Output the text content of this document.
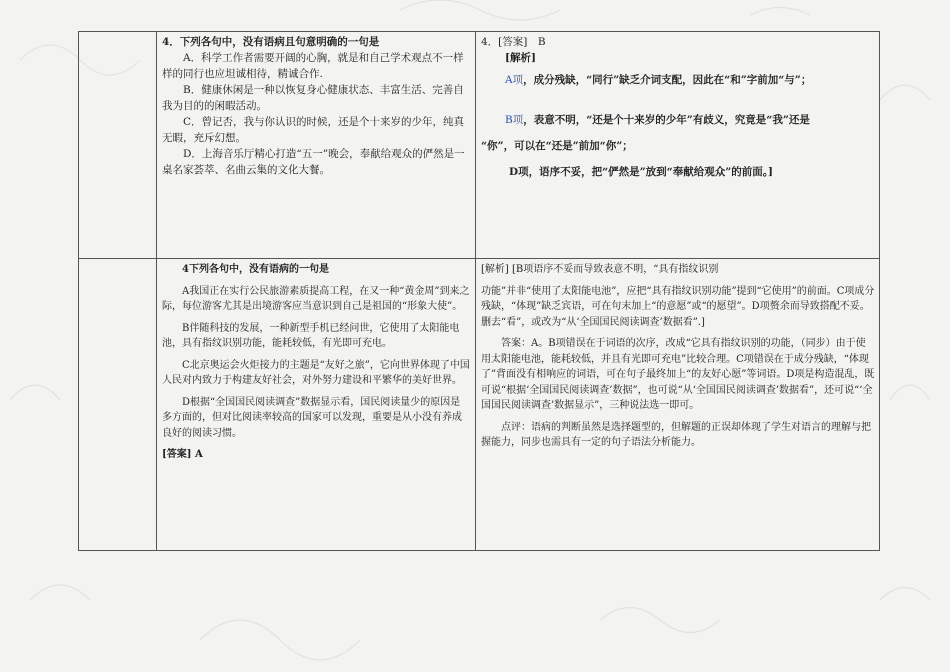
4．下列各句中，没有语病且句意明确的一句是

A．科学工作者需要开阔的心胸，就是和自己学术观点不一样样的同行也应坦诚相待，精诚合作.

B．健康休闲是一种以恢复身心健康状态、丰富生活、完善自我为目的的闲暇活动。

C．曾记否，我与你认识的时候，还是个十来岁的少年，纯真无暇，充斥幻想。

D．上海音乐厅精心打造“五一”晚会，奉献给观众的俨然是一桌名家荟萃、名曲云集的文化大餐。

4．[答案]　B

[解析]

A项，成分残缺，“同行”缺乏介词支配，因此在“和”字前加“与”；

B项，表意不明，“还是个十来岁的少年”有歧义，究竟是“我”还是

“你”，可以在“还是”前加“你”；

D项，语序不妥，把“俨然是”放到“奉献给观众”的前面。]

4下列各句中，没有语病的一句是

A我国正在实行公民旅游素质提高工程，在又一种“黄金周”到来之际，每位游客尤其是出境游客应当意识到自己是祖国的“形象大使”。

B伴随科技的发展，一种新型手机已经问世，它使用了太阳能电池，具有指纹识别功能，能耗较低，有光即可充电。

C北京奥运会火炬接力的主题是“友好之旅”，它向世界体现了中国人民对内致力于构建友好社会，对外努力建设和平繁华的美好世界。

D根据“全国国民阅读调查”数据显示看，国民阅读量少的原因是多方面的，但对比阅读率较高的国家可以发现，重要是从小没有养成良好的阅读习惯。

[答案] A

[解析] [B项语序不妥而导致表意不明，“具有指纹识别

功能”并非“使用了太阳能电池”，应把“具有指纹识别功能”提到“它使用”的前面。C项成分残缺，“体现”缺乏宾语，可在句末加上“的意愿”或“的愿望”。D项赘余而导致搭配不妥。删去“看”，或改为“从‘全国国民阅读调查’数据看”.]

答案：A。B项错误在于词语的次序，改成“它具有指纹识别的功能，（同步）由于使用太阳能电池，能耗较低，并且有光即可充电”比较合理。C项错误在于成分残缺，“体现了”背面没有相响应的词语，可在句子最终加上“的友好心愿”等词语。D项是构造混乱，既可说“根据‘全国国民阅读调查’数据”，也可说“从‘全国国民阅读调查’数据看”，还可说“‘全国国民阅读调查’数据显示”，三种说法选一即可。

点评：语病的判断虽然是选择题型的，但解题的正误却体现了学生对语言的理解与把握能力，同步也需具有一定的句子语法分析能力。
